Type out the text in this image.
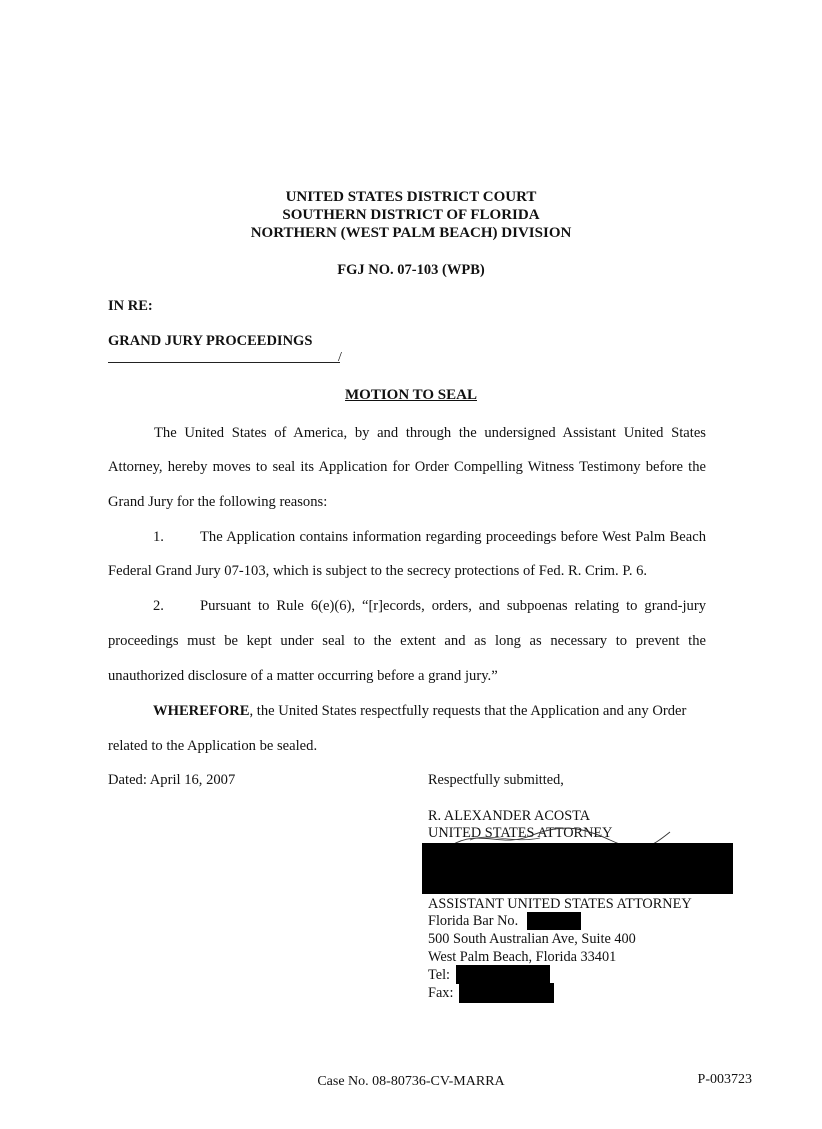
UNITED STATES DISTRICT COURT
SOUTHERN DISTRICT OF FLORIDA
NORTHERN (WEST PALM BEACH) DIVISION
FGJ NO. 07-103 (WPB)
IN RE:
GRAND JURY PROCEEDINGS
/
MOTION TO SEAL
The United States of America, by and through the undersigned Assistant United States
Attorney, hereby moves to seal its Application for Order Compelling Witness Testimony before the
Grand Jury for the following reasons:
1. The Application contains information regarding proceedings before West Palm Beach
Federal Grand Jury 07-103, which is subject to the secrecy protections of Fed. R. Crim. P. 6.
2. Pursuant to Rule 6(e)(6), “[r]ecords, orders, and subpoenas relating to grand-jury
proceedings must be kept under seal to the extent and as long as necessary to prevent the
unauthorized disclosure of a matter occurring before a grand jury.”
WHEREFORE, the United States respectfully requests that the Application and any Order
related to the Application be sealed.
Dated: April 16, 2007	Respectfully submitted,
R. ALEXANDER ACOSTA
UNITED STATES ATTORNEY
ASSISTANT UNITED STATES ATTORNEY
Florida Bar No.
500 South Australian Ave, Suite 400
West Palm Beach, Florida 33401
Tel:
Fax:
Case No. 08-80736-CV-MARRA	P-003723
